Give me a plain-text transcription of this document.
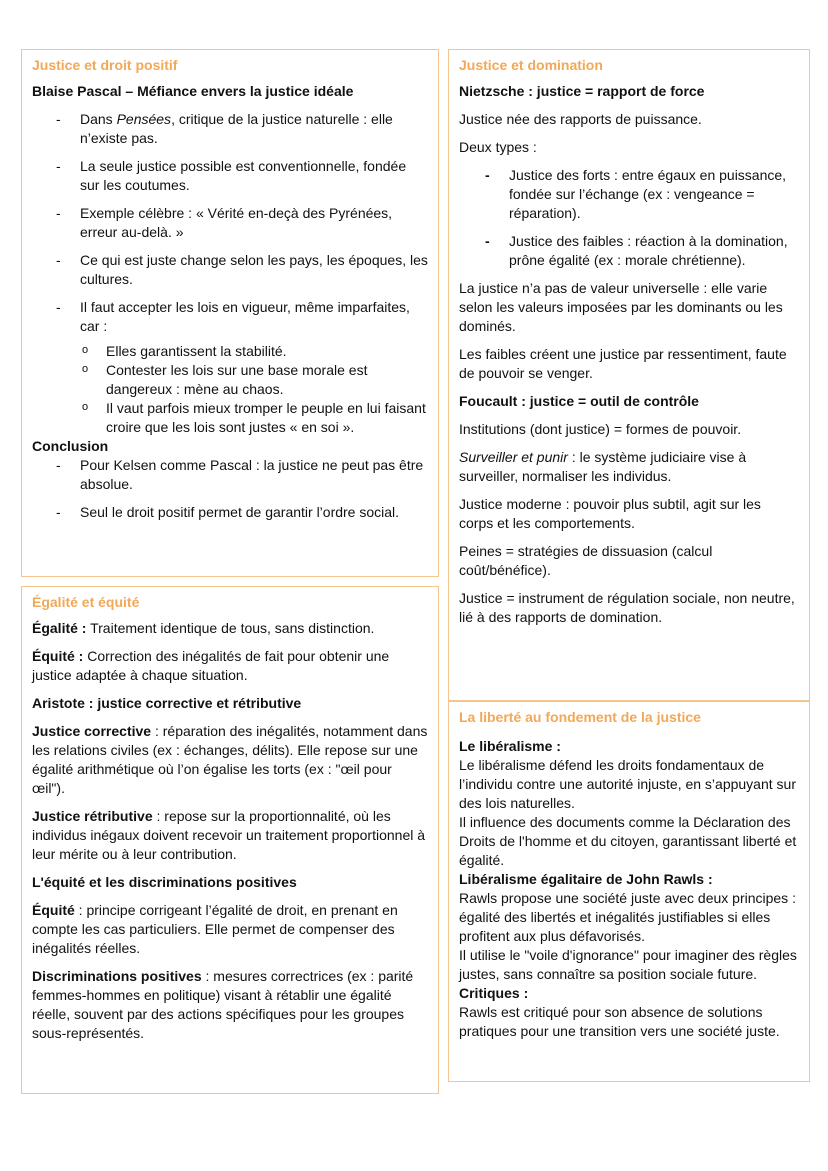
Justice et droit positif

Blaise Pascal – Méfiance envers la justice idéale

- Dans Pensées, critique de la justice naturelle : elle n’existe pas.
- La seule justice possible est conventionnelle, fondée sur les coutumes.
- Exemple célèbre : « Vérité en-deçà des Pyrénées, erreur au-delà. »
- Ce qui est juste change selon les pays, les époques, les cultures.
- Il faut accepter les lois en vigueur, même imparfaites, car :
o Elles garantissent la stabilité.
o Contester les lois sur une base morale est dangereux : mène au chaos.
o Il vaut parfois mieux tromper le peuple en lui faisant croire que les lois sont justes « en soi ».

Conclusion

- Pour Kelsen comme Pascal : la justice ne peut pas être absolue.
- Seul le droit positif permet de garantir l’ordre social.
Égalité et équité

Égalité : Traitement identique de tous, sans distinction.

Équité : Correction des inégalités de fait pour obtenir une justice adaptée à chaque situation.

Aristote : justice corrective et rétributive

Justice corrective : réparation des inégalités, notamment dans les relations civiles (ex : échanges, délits). Elle repose sur une égalité arithmétique où l’on égalise les torts (ex : "œil pour œil").

Justice rétributive : repose sur la proportionnalité, où les individus inégaux doivent recevoir un traitement proportionnel à leur mérite ou à leur contribution.

L'équité et les discriminations positives

Équité : principe corrigeant l’égalité de droit, en prenant en compte les cas particuliers. Elle permet de compenser des inégalités réelles.

Discriminations positives : mesures correctrices (ex : parité femmes-hommes en politique) visant à rétablir une égalité réelle, souvent par des actions spécifiques pour les groupes sous-représentés.

Justice et domination

Nietzsche : justice = rapport de force

Justice née des rapports de puissance.

Deux types :

- Justice des forts : entre égaux en puissance, fondée sur l’échange (ex : vengeance = réparation).
- Justice des faibles : réaction à la domination, prône égalité (ex : morale chrétienne).

La justice n’a pas de valeur universelle : elle varie selon les valeurs imposées par les dominants ou les dominés.

Les faibles créent une justice par ressentiment, faute de pouvoir se venger.

Foucault : justice = outil de contrôle

Institutions (dont justice) = formes de pouvoir.

Surveiller et punir : le système judiciaire vise à surveiller, normaliser les individus.

Justice moderne : pouvoir plus subtil, agit sur les corps et les comportements.

Peines = stratégies de dissuasion (calcul coût/bénéfice).

Justice = instrument de régulation sociale, non neutre, lié à des rapports de domination.

La liberté au fondement de la justice

Le libéralisme :

Le libéralisme défend les droits fondamentaux de l’individu contre une autorité injuste, en s’appuyant sur des lois naturelles.

Il influence des documents comme la Déclaration des Droits de l'homme et du citoyen, garantissant liberté et égalité.

Libéralisme égalitaire de John Rawls :

Rawls propose une société juste avec deux principes : égalité des libertés et inégalités justifiables si elles profitent aux plus défavorisés.

Il utilise le "voile d'ignorance" pour imaginer des règles justes, sans connaître sa position sociale future.

Critiques :

Rawls est critiqué pour son absence de solutions pratiques pour une transition vers une société juste.
